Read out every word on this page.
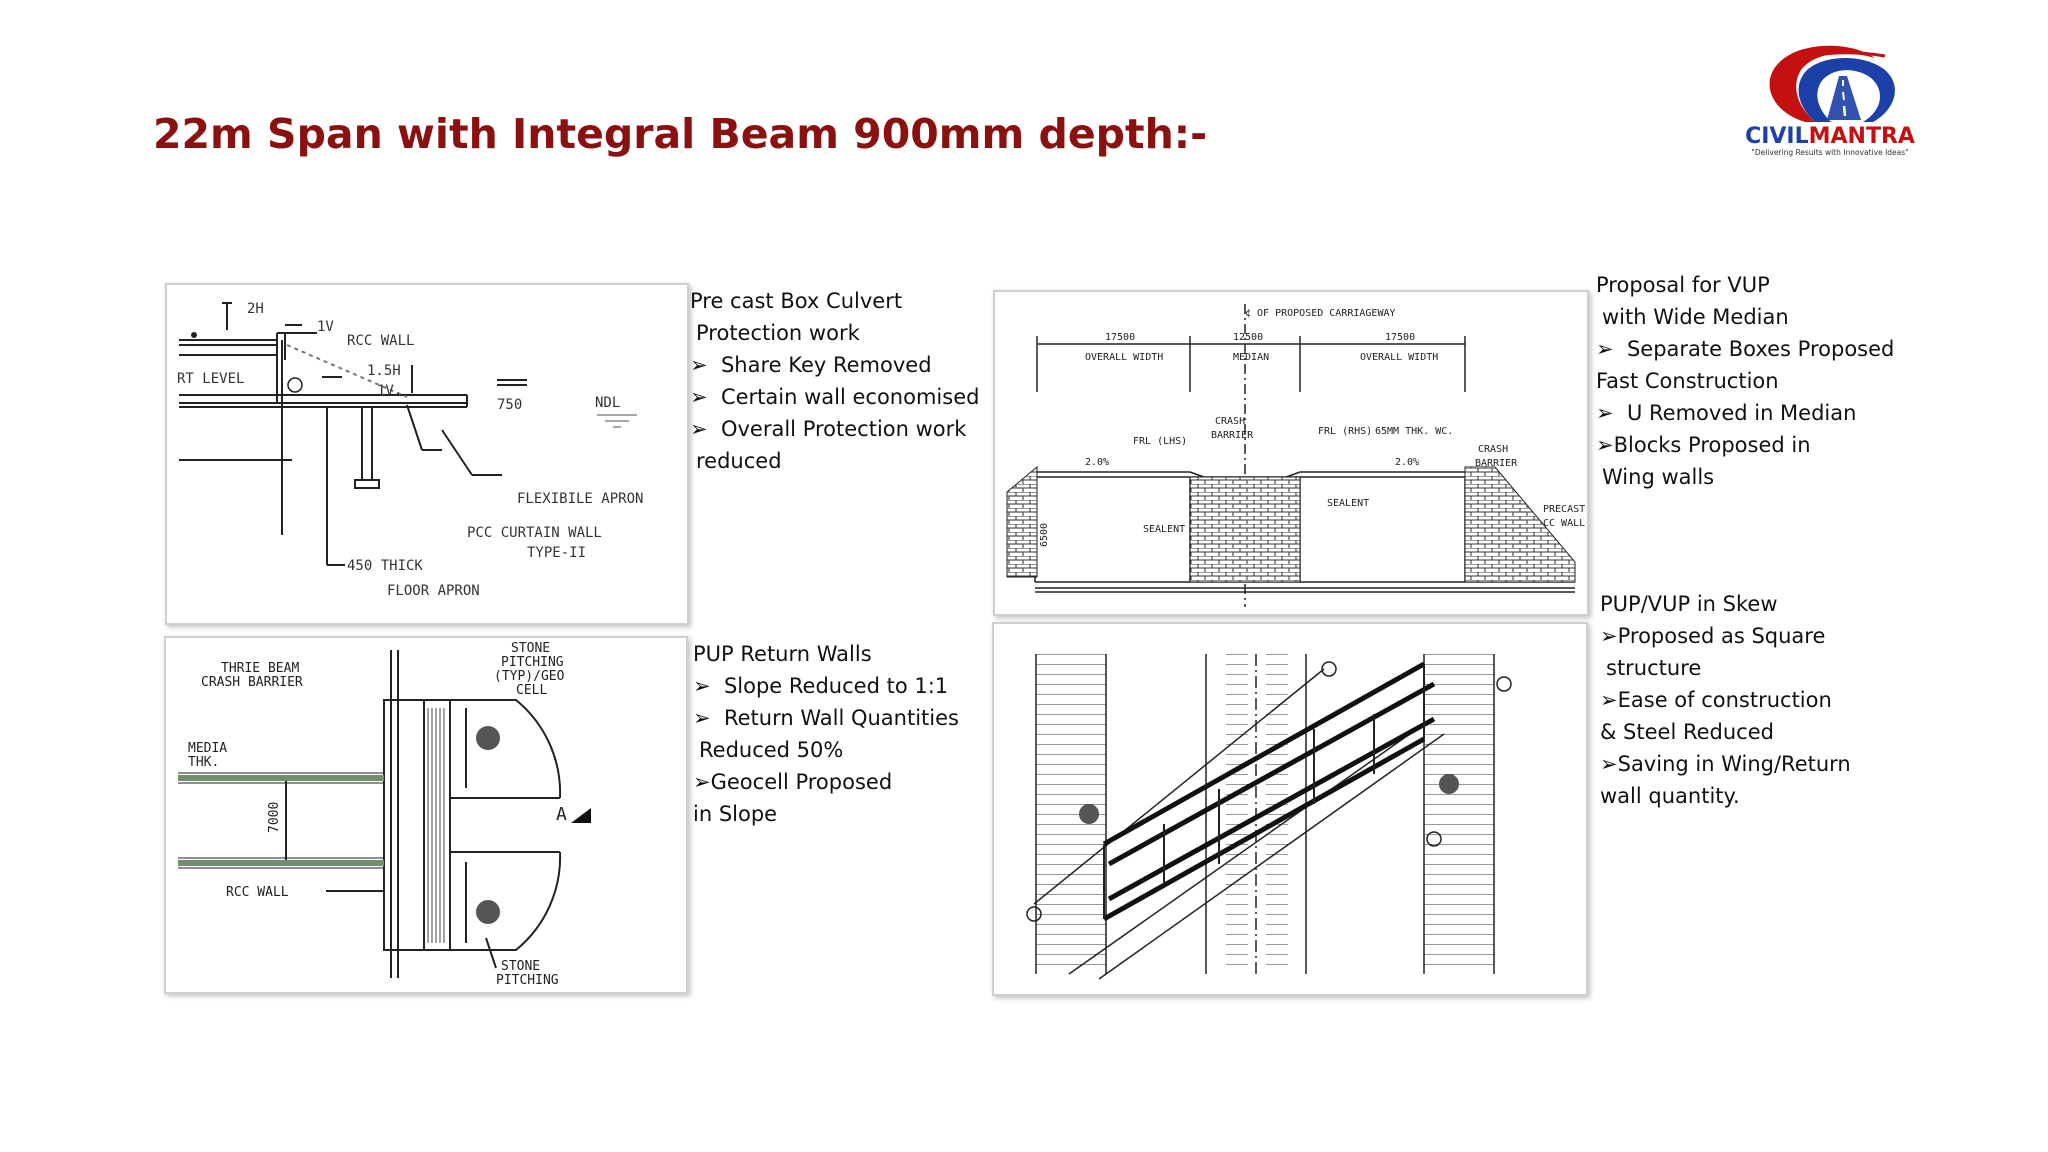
22m Span with Integral Beam 900mm depth:-	CIVILMANTRA
"Delivering Results with Innovative Ideas"
2H
1V
RCC WALL
1.5H
1V.
RT LEVEL
NDL
750
FLEXIBILE APRON
PCC CURTAIN WALL
TYPE-II
450 THICK
FLOOR APRON
Pre cast Box Culvert
Protection work
➢ Share Key Removed
➢ Certain wall economised
➢ Overall Protection work
reduced
THRIE BEAM
CRASH BARRIER
STONE
PITCHING
(TYP)/GEO
CELL
MEDIA
THK.
7000	A
RCC WALL
STONE
PITCHING
PUP Return Walls
➢ Slope Reduced to 1:1
➢ Return Wall Quantities
Reduced 50%
➢Geocell Proposed
in Slope
¢ OF PROPOSED CARRIAGEWAY
17500
OVERALL WIDTH
12500
MEDIAN
17500
OVERALL WIDTH
FRL (LHS)
CRASH
BARRIER	FRL (RHS) 65MM THK. WC.
CRASH
BARRIER
2.0%	2.0%
SEALENT
SEALENT
PRECAST
CC WALL
6500
Proposal for VUP
with Wide Median
➢ Separate Boxes Proposed
Fast Construction
➢ U Removed in Median
➢Blocks Proposed in
Wing walls
PUP/VUP in Skew
➢Proposed as Square
structure
➢Ease of construction
& Steel Reduced
➢Saving in Wing/Return
wall quantity.
